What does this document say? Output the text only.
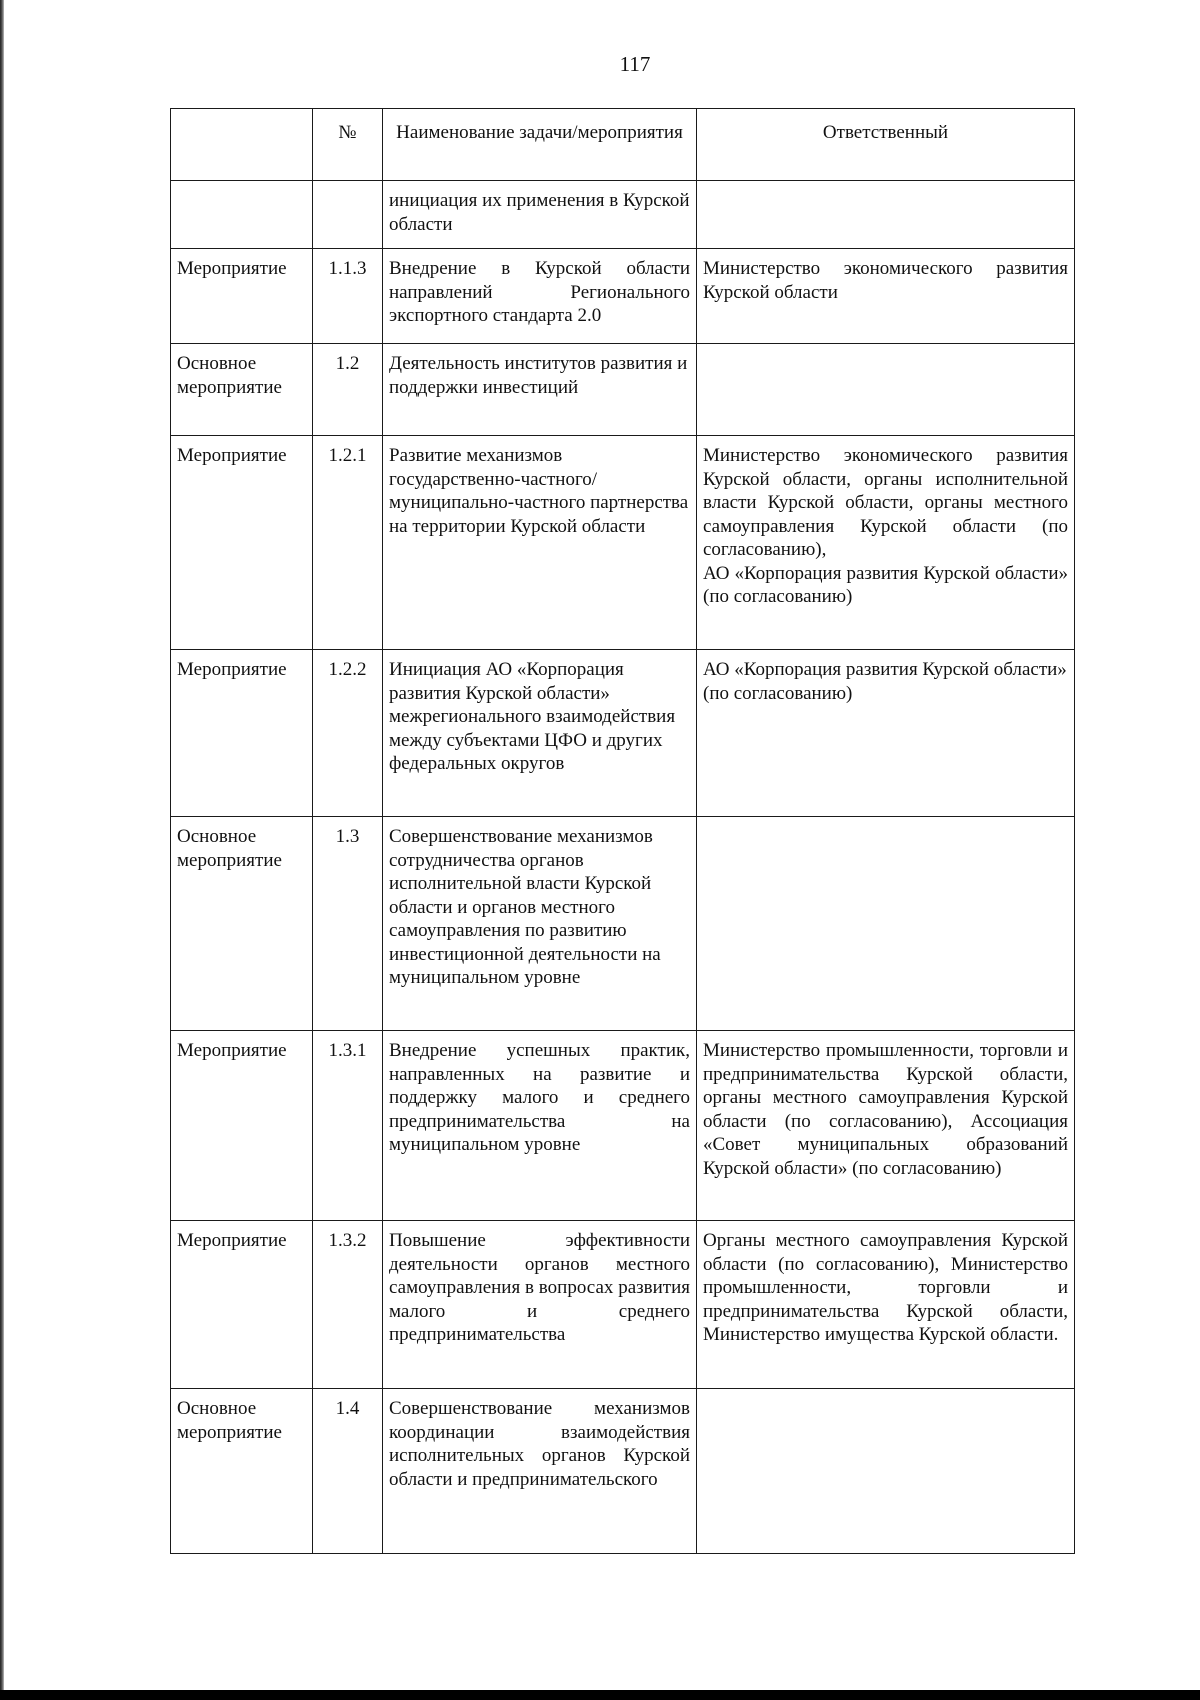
117
	№	Наименование задачи/мероприятия	Ответственный
		инициация их применения в Курской области	
Мероприятие	1.1.3	Внедрение в Курской области направлений Регионального экспортного стандарта 2.0	Министерство экономического развития Курской области
Основное мероприятие	1.2	Деятельность институтов развития и поддержки инвестиций	
Мероприятие	1.2.1	Развитие механизмов государственно-частного/муниципально-частного партнерства на территории Курской области	Министерство экономического развития Курской области, органы исполнительной власти Курской области, органы местного самоуправления Курской области (по согласованию),
АО «Корпорация развития Курской области» (по согласованию)
Мероприятие	1.2.2	Инициация АО «Корпорация развития Курской области» межрегионального взаимодействия между субъектами ЦФО и других федеральных округов	АО «Корпорация развития Курской области» (по согласованию)
Основное мероприятие	1.3	Совершенствование механизмов сотрудничества органов исполнительной власти Курской области и органов местного самоуправления по развитию инвестиционной деятельности на муниципальном уровне	
Мероприятие	1.3.1	Внедрение успешных практик, направленных на развитие и поддержку малого и среднего предпринимательства на муниципальном уровне	Министерство промышленности, торговли и предпринимательства Курской области, органы местного самоуправления Курской области (по согласованию), Ассоциация «Совет муниципальных образований Курской области» (по согласованию)
Мероприятие	1.3.2	Повышение эффективности деятельности органов местного самоуправления в вопросах развития малого и среднего предпринимательства	Органы местного самоуправления Курской области (по согласованию), Министерство промышленности, торговли и предпринимательства Курской области, Министерство имущества Курской области.
Основное мероприятие	1.4	Совершенствование механизмов координации взаимодействия исполнительных органов Курской области и предпринимательского	
